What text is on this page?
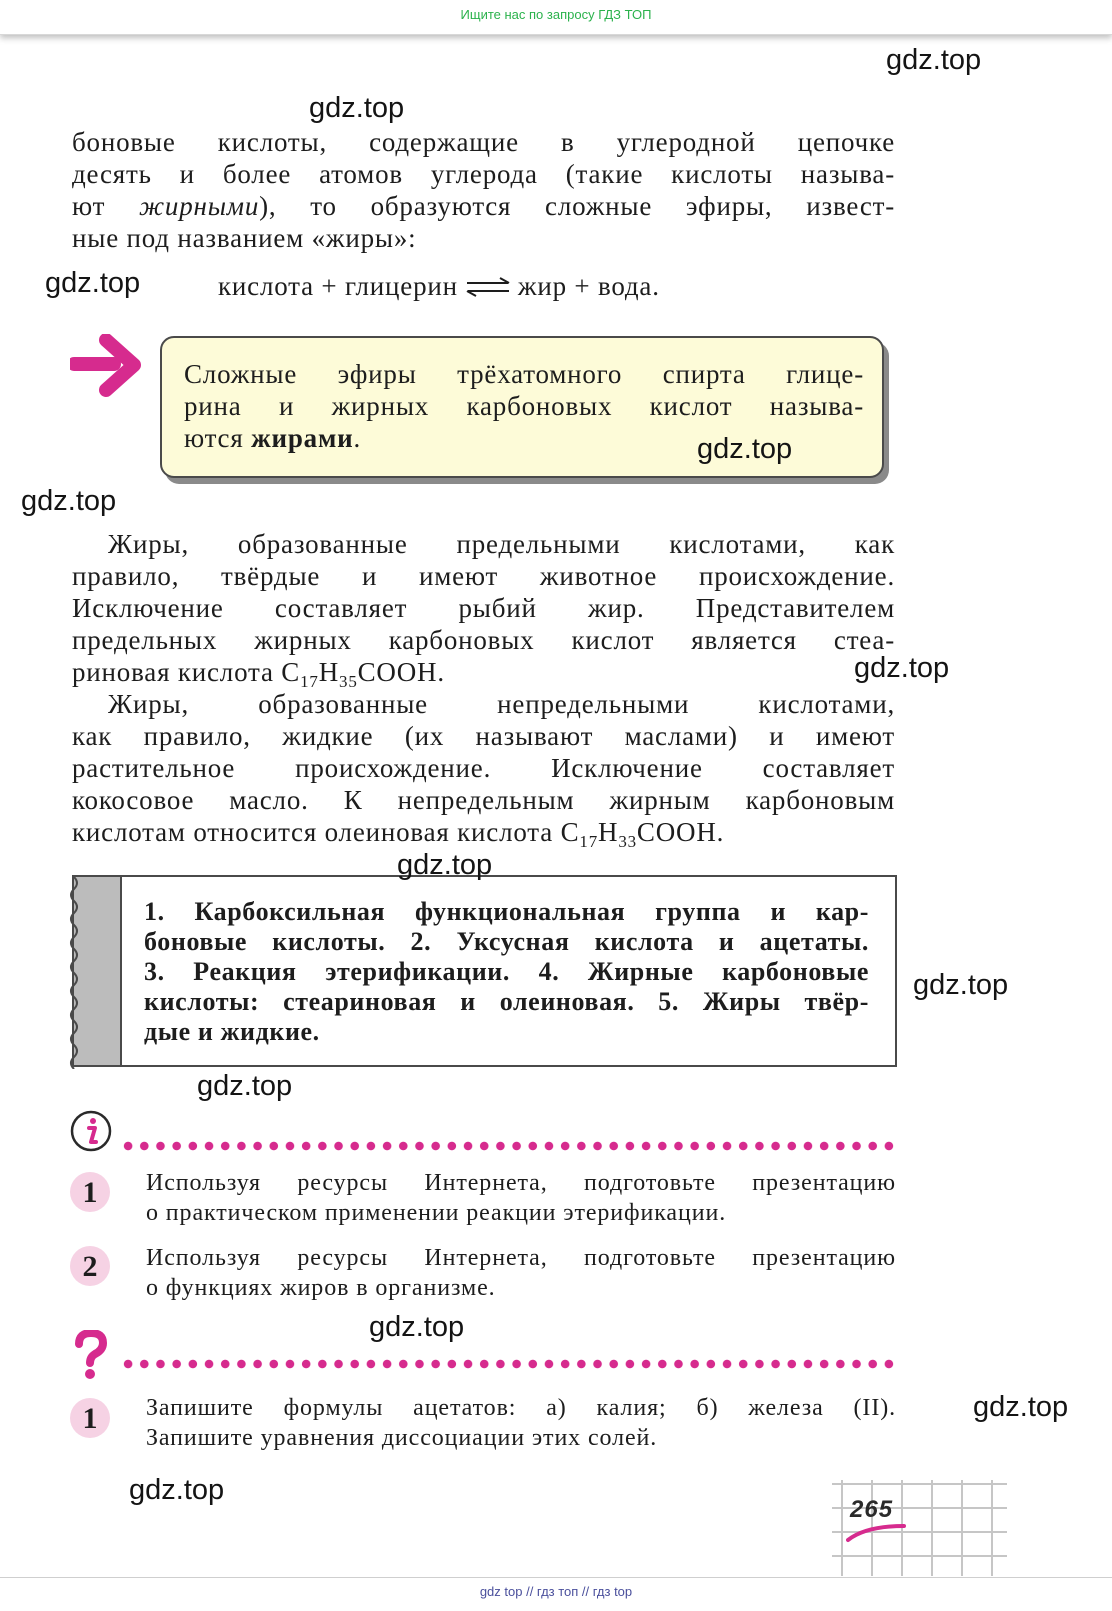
Ищите нас по запросу ГДЗ ТОП
gdz.top
gdz.top
gdz.top
gdz.top
gdz.top
gdz.top
gdz.top
gdz.top
gdz.top
gdz.top
gdz.top
gdz.top
боновые кислоты, содержащие в углеродной цепочке
десять и более атомов углерода (такие кислоты называ-
ют жирными), то образуются сложные эфиры, извест-
ные под названием «жиры»:
кислота + глицерин ⇌ жир + вода.
Сложные эфиры трёхатомного спирта глице-
рина и жирных карбоновых кислот называ-
ются жирами.
Жиры, образованные предельными кислотами, как
правило, твёрдые и имеют животное происхождение.
Исключение составляет рыбий жир. Представителем
предельных жирных карбоновых кислот является стеа-
риновая кислота $C_{17}H_{35}COOH$.
Жиры, образованные непредельными кислотами,
как правило, жидкие (их называют маслами) и имеют
растительное происхождение. Исключение составляет
кокосовое масло. К непредельным жирным карбоновым
кислотам относится олеиновая кислота $C_{17}H_{33}COOH$.
1. Карбоксильная функциональная группа и кар-
боновые кислоты. 2. Уксусная кислота и ацетаты.
3. Реакция этерификации. 4. Жирные карбоновые
кислоты: стеариновая и олеиновая. 5. Жиры твёр-
дые и жидкие.
1	Используя ресурсы Интернета, подготовьте презентацию
о практическом применении реакции этерификации.
2	Используя ресурсы Интернета, подготовьте презентацию
о функциях жиров в организме.
1	Запишите формулы ацетатов: а) калия; б) железа (II).
Запишите уравнения диссоциации этих солей.
265
gdz top // гдз топ // гдз top
